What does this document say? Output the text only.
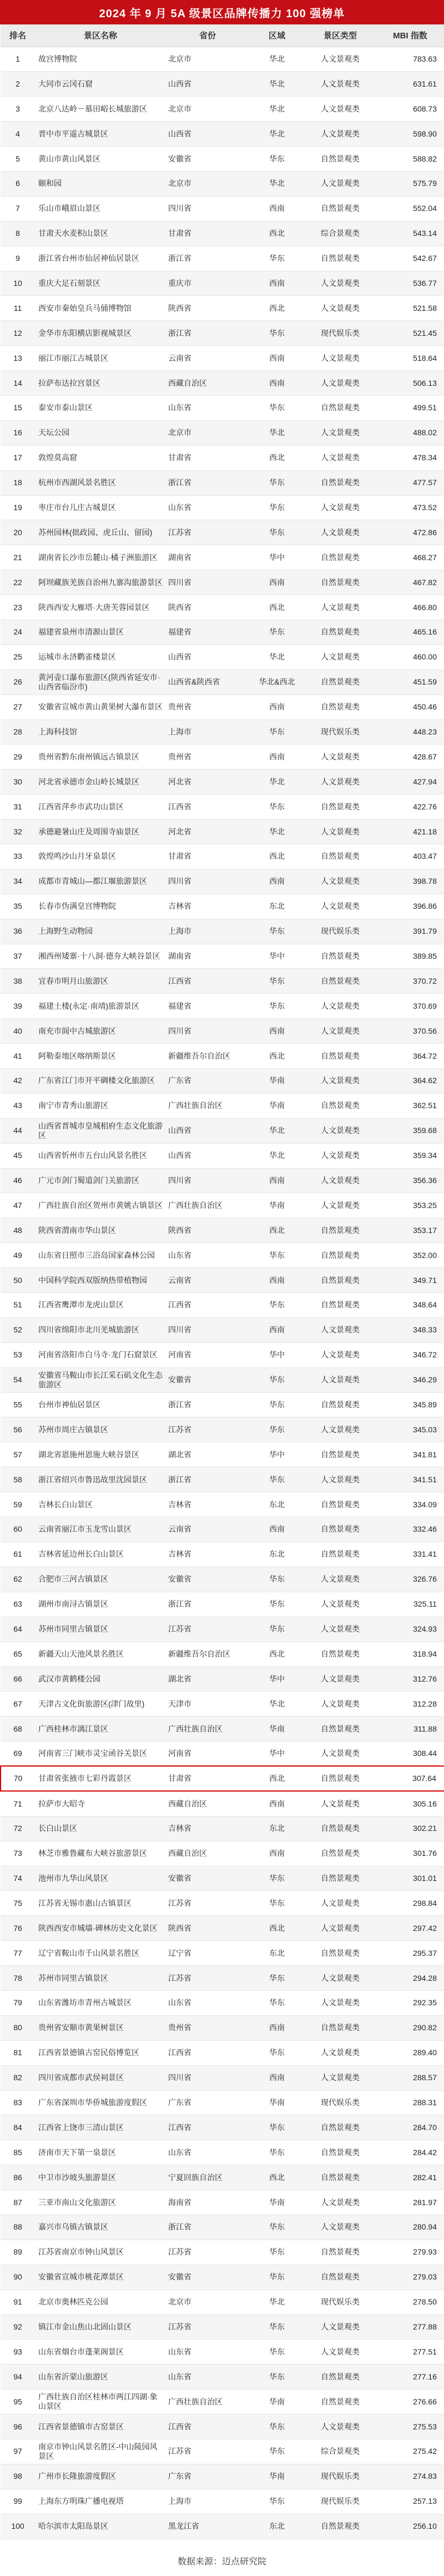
2024 年 9 月 5A 级景区品牌传播力 100 强榜单
排名	景区名称	省份	区域	景区类型	MBI 指数
1	故宫博物院	北京市	华北	人文景观类	783.63
2	大同市云冈石窟	山西省	华北	人文景观类	631.61
3	北京八达岭－慕田峪长城旅游区	北京市	华北	人文景观类	608.73
4	晋中市平遥古城景区	山西省	华北	人文景观类	598.90
5	黄山市黄山风景区	安徽省	华东	自然景观类	588.82
6	颐和园	北京市	华北	人文景观类	575.79
7	乐山市峨眉山景区	四川省	西南	自然景观类	552.04
8	甘肃天水麦积山景区	甘肃省	西北	综合景观类	543.14
9	浙江省台州市仙居神仙居景区	浙江省	华东	自然景观类	542.67
10	重庆大足石刻景区	重庆市	西南	人文景观类	536.77
11	西安市秦始皇兵马俑博物馆	陕西省	西北	人文景观类	521.58
12	金华市东阳横店影视城景区	浙江省	华东	现代娱乐类	521.45
13	丽江市丽江古城景区	云南省	西南	人文景观类	518.64
14	拉萨布达拉宫景区	西藏自治区	西南	人文景观类	506.13
15	泰安市泰山景区	山东省	华东	自然景观类	499.51
16	天坛公园	北京市	华北	人文景观类	488.02
17	敦煌莫高窟	甘肃省	西北	人文景观类	478.34
18	杭州市西湖风景名胜区	浙江省	华东	自然景观类	477.57
19	枣庄市台儿庄古城景区	山东省	华东	人文景观类	473.52
20	苏州园林(拙政园、虎丘山、留园)	江苏省	华东	人文景观类	472.86
21	湖南省长沙市岳麓山·橘子洲旅游区	湖南省	华中	自然景观类	468.27
22	阿坝藏族羌族自治州九寨沟旅游景区	四川省	西南	自然景观类	467.82
23	陕西西安大雁塔·大唐芙蓉园景区	陕西省	西北	人文景观类	466.80
24	福建省泉州市清源山景区	福建省	华东	自然景观类	465.16
25	运城市永济鹳雀楼景区	山西省	华北	人文景观类	460.00
26	黄河壶口瀑布旅游区(陕西省延安市·山西省临汾市)	山西省&陕西省	华北&西北	自然景观类	451.59
27	安徽省宣城市黄山黄果树大瀑布景区	贵州省	西南	自然景观类	450.46
28	上海科技馆	上海市	华东	现代娱乐类	448.23
29	贵州省黔东南州镇远古镇景区	贵州省	西南	人文景观类	428.67
30	河北省承德市金山岭长城景区	河北省	华北	人文景观类	427.94
31	江西省萍乡市武功山景区	江西省	华东	自然景观类	422.76
32	承德避暑山庄及周围寺庙景区	河北省	华北	人文景观类	421.18
33	敦煌鸣沙山月牙泉景区	甘肃省	西北	自然景观类	403.47
34	成都市青城山—都江堰旅游景区	四川省	西南	人文景观类	398.78
35	长春市伪满皇宫博物院	吉林省	东北	人文景观类	396.86
36	上海野生动物园	上海市	华东	现代娱乐类	391.79
37	湘西州矮寨·十八洞·德夯大峡谷景区	湖南省	华中	自然景观类	389.85
38	宜春市明月山旅游区	江西省	华东	自然景观类	370.72
39	福建土楼(永定·南靖)旅游景区	福建省	华东	人文景观类	370.69
40	南充市阆中古城旅游区	四川省	西南	人文景观类	370.56
41	阿勒泰地区喀纳斯景区	新疆维吾尔自治区	西北	自然景观类	364.72
42	广东省江门市开平碉楼文化旅游区	广东省	华南	人文景观类	364.62
43	南宁市青秀山旅游区	广西壮族自治区	华南	自然景观类	362.51
44	山西省晋城市皇城相府生态文化旅游区	山西省	华北	人文景观类	359.68
45	山西省忻州市五台山风景名胜区	山西省	华北	人文景观类	359.34
46	广元市剑门蜀道剑门关旅游区	四川省	西南	人文景观类	356.36
47	广西壮族自治区贺州市黄姚古镇景区	广西壮族自治区	华南	人文景观类	353.25
48	陕西省渭南市华山景区	陕西省	西北	自然景观类	353.17
49	山东省日照市三浴岛国家森林公园	山东省	华东	自然景观类	352.00
50	中国科学院西双版纳热带植物园	云南省	西南	自然景观类	349.71
51	江西省鹰潭市龙虎山景区	江西省	华东	自然景观类	348.64
52	四川省绵阳市北川羌城旅游区	四川省	西南	人文景观类	348.33
53	河南省洛阳市白马寺·龙门石窟景区	河南省	华中	人文景观类	346.72
54	安徽省马鞍山市长江采石矶文化生态旅游区	安徽省	华东	人文景观类	346.29
55	台州市神仙居景区	浙江省	华东	自然景观类	345.89
56	苏州市周庄古镇景区	江苏省	华东	人文景观类	345.03
57	湖北省恩施州恩施大峡谷景区	湖北省	华中	自然景观类	341.81
58	浙江省绍兴市鲁迅故里沈园景区	浙江省	华东	人文景观类	341.51
59	吉林长白山景区	吉林省	东北	自然景观类	334.09
60	云南省丽江市玉龙雪山景区	云南省	西南	自然景观类	332.46
61	吉林省延边州长白山景区	吉林省	东北	自然景观类	331.41
62	合肥市三河古镇景区	安徽省	华东	人文景观类	326.76
63	湖州市南浔古镇景区	浙江省	华东	人文景观类	325.11
64	苏州市同里古镇景区	江苏省	华东	人文景观类	324.93
65	新疆天山天池风景名胜区	新疆维吾尔自治区	西北	自然景观类	318.94
66	武汉市黄鹤楼公园	湖北省	华中	人文景观类	312.76
67	天津古文化街旅游区(津门故里)	天津市	华北	人文景观类	312.28
68	广西桂林市漓江景区	广西壮族自治区	华南	自然景观类	311.88
69	河南省三门峡市灵宝函谷关景区	河南省	华中	人文景观类	308.44
70	甘肃省张掖市七彩丹霞景区	甘肃省	西北	自然景观类	307.64
71	拉萨市大昭寺	西藏自治区	西南	人文景观类	305.16
72	长白山景区	吉林省	东北	自然景观类	302.21
73	林芝市雅鲁藏布大峡谷旅游景区	西藏自治区	西南	自然景观类	301.76
74	池州市九华山风景区	安徽省	华东	自然景观类	301.01
75	江苏省无锡市惠山古镇景区	江苏省	华东	人文景观类	298.84
76	陕西西安市城墙·碑林历史文化景区	陕西省	西北	人文景观类	297.42
77	辽宁省鞍山市千山风景名胜区	辽宁省	东北	自然景观类	295.37
78	苏州市同里古镇景区	江苏省	华东	人文景观类	294.28
79	山东省潍坊市青州古城景区	山东省	华东	人文景观类	292.35
80	贵州省安顺市黄果树景区	贵州省	西南	自然景观类	290.82
81	江西省景德镇古窑民俗博览区	江西省	华东	人文景观类	289.40
82	四川省成都市武侯祠景区	四川省	西南	人文景观类	288.57
83	广东省深圳市华侨城旅游度假区	广东省	华南	现代娱乐类	288.31
84	江西省上饶市三清山景区	江西省	华东	自然景观类	284.70
85	济南市天下第一泉景区	山东省	华东	自然景观类	284.42
86	中卫市沙坡头旅游景区	宁夏回族自治区	西北	自然景观类	282.41
87	三亚市南山文化旅游区	海南省	华南	人文景观类	281.97
88	嘉兴市乌镇古镇景区	浙江省	华东	人文景观类	280.94
89	江苏省南京市钟山风景区	江苏省	华东	自然景观类	279.93
90	安徽省宣城市桃花潭景区	安徽省	华东	自然景观类	279.03
91	北京市奥林匹克公园	北京市	华北	现代娱乐类	278.50
92	镇江市金山焦山北固山景区	江苏省	华东	人文景观类	277.88
93	山东省烟台市蓬莱阁景区	山东省	华东	人文景观类	277.51
94	山东省沂蒙山旅游区	山东省	华东	自然景观类	277.16
95	广西壮族自治区桂林市两江四湖·象山景区	广西壮族自治区	华南	自然景观类	276.66
96	江西省景德镇市古窑景区	江西省	华东	人文景观类	275.53
97	南京市钟山风景名胜区-中山陵园风景区	江苏省	华东	综合景观类	275.42
98	广州市长隆旅游度假区	广东省	华南	现代娱乐类	274.83
99	上海东方明珠广播电视塔	上海市	华东	现代娱乐类	257.13
100	哈尔滨市太阳岛景区	黑龙江省	东北	自然景观类	256.10
数据来源：迈点研究院
